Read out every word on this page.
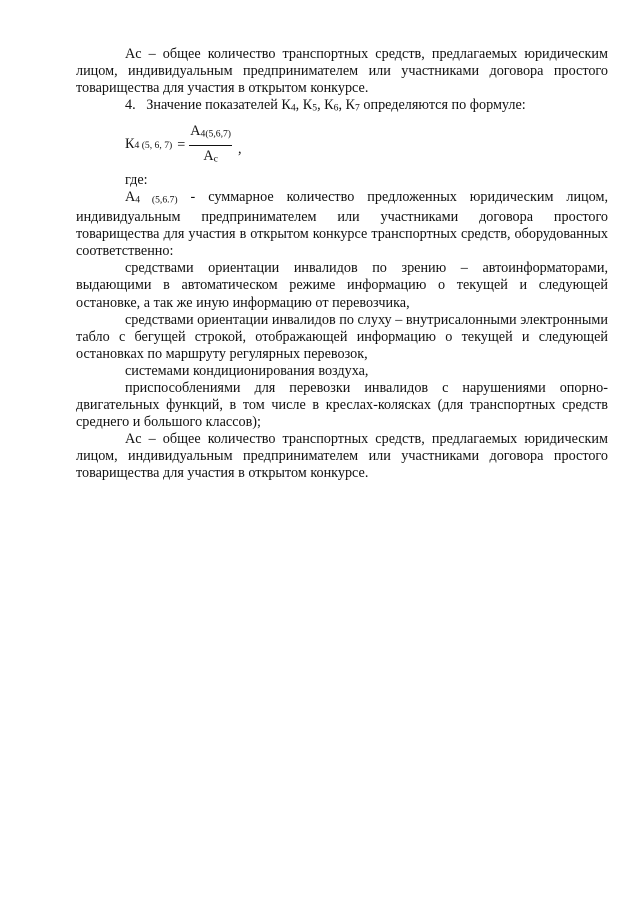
Aс – общее количество транспортных средств, предлагаемых юридическим лицом, индивидуальным предпринимателем или участниками договора простого товарищества для участия в открытом конкурсе.

4. Значение показателей К4, К5, К6, К7 определяются по формуле:

К 4 (5, 6, $7) = \frac{А4(5,6,7)}{Ас}$ ,

где:

А4 (5,6.7) - суммарное количество предложенных юридическим лицом, индивидуальным предпринимателем или участниками договора простого товарищества для участия в открытом конкурсе транспортных средств, оборудованных соответственно:

средствами ориентации инвалидов по зрению – автоинформаторами, выдающими в автоматическом режиме информацию о текущей и следующей остановке, а так же иную информацию от перевозчика,

средствами ориентации инвалидов по слуху – внутрисалонными электронными табло с бегущей строкой, отображающей информацию о текущей и следующей остановках по маршруту регулярных перевозок,

системами кондиционирования воздуха,

приспособлениями для перевозки инвалидов с нарушениями опорно-двигательных функций, в том числе в креслах-колясках (для транспортных средств среднего и большого классов);

Aс – общее количество транспортных средств, предлагаемых юридическим лицом, индивидуальным предпринимателем или участниками договора простого товарищества для участия в открытом конкурсе.
